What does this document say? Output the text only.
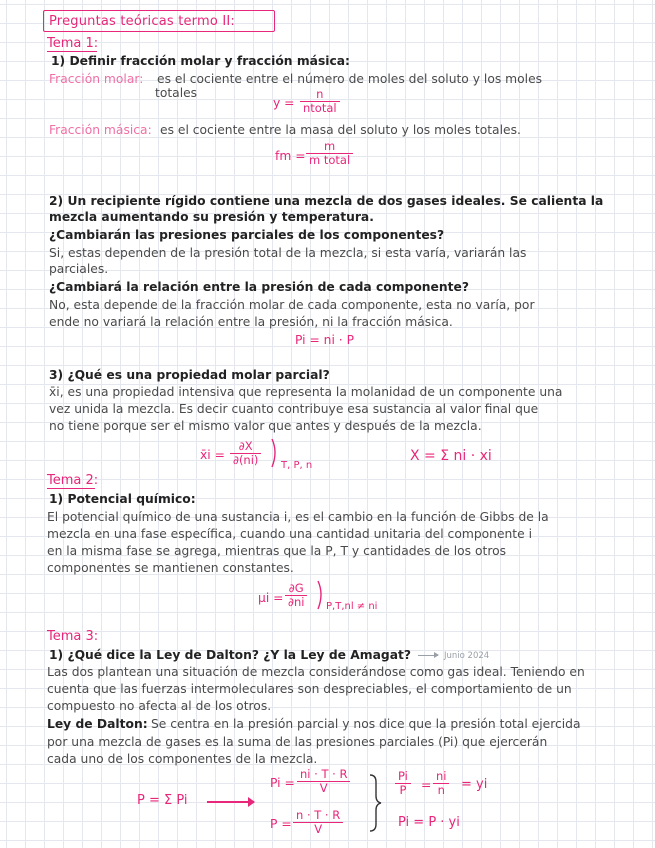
Preguntas teóricas termo II:
Tema 1:
1) Definir fracción molar y fracción másica:
Fracción molar: es el cociente entre el número de moles del soluto y los moles
totales
y =
n
ntotal
Fracción másica: es el cociente entre la masa del soluto y los moles totales.
fm =
m
m total
2) Un recipiente rígido contiene una mezcla de dos gases ideales. Se calienta la
mezcla aumentando su presión y temperatura.
¿Cambiarán las presiones parciales de los componentes?
Si, estas dependen de la presión total de la mezcla, si esta varía, variarán las
parciales.
¿Cambiará la relación entre la presión de cada componente?
No, esta depende de la fracción molar de cada componente, esta no varía, por
ende no variará la relación entre la presión, ni la fracción másica.
Pi = ni · P
3) ¿Qué es una propiedad molar parcial?
x̄i, es una propiedad intensiva que representa la molanidad de un componente una
vez unida la mezcla. Es decir cuanto contribuye esa sustancia al valor final que
no tiene porque ser el mismo valor que antes y después de la mezcla.
x̄i = $\frac{\partial X}{\partial(ni)} T$, P, n
X = Σ ni · xi
Tema 2:
1) Potencial químico:
El potencial químico de una sustancia i, es el cambio en la función de Gibbs de la
mezcla en una fase específica, cuando una cantidad unitaria del componente i
en la misma fase se agrega, mientras que la P, T y cantidades de los otros
componentes se mantienen constantes.
$\mu i = \frac{\partial G}{\partial ni} P,T,nl$ ≠ ni
Tema 3:
1) ¿Qué dice la Ley de Dalton? ¿Y la Ley de Amagat?	Junio 2024
Las dos plantean una situación de mezcla considerándose como gas ideal. Teniendo en
cuenta que las fuerzas intermoleculares son despreciables, el comportamiento de un
compuesto no afecta al de los otros.
Ley de Dalton: Se centra en la presión parcial y nos dice que la presión total ejercida
por una mezcla de gases es la suma de las presiones parciales (Pi) que ejercerán
cada uno de los componentes de la mezcla.
P = Σ Pi
$Pi = \frac{ni \cdot T \cdot R}{V}$
$P = \frac{n \cdot T \cdot R}{V}$
$\frac{Pi}{P} = \frac{ni}{n}$ = yi
Pi = P · yi
